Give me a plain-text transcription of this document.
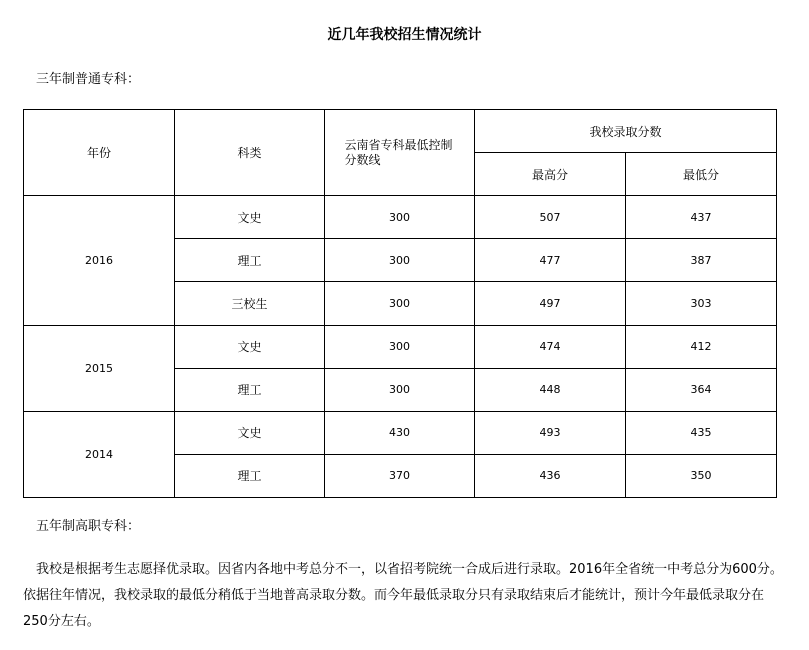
近几年我校招生情况统计
三年制普通专科：
年份	科类	云南省专科最低控制分数线	我校录取分数	
			最高分	最低分
2016	文史	300	507	437
	理工	300	477	387
	三校生	300	497	303
2015	文史	300	474	412
	理工	300	448	364
2014	文史	430	493	435
	理工	370	436	350
五年制高职专科：

我校是根据考生志愿择优录取。因省内各地中考总分不一，以省招考院统一合成后进行录取。2016年全省统一中考总分为600分。依据往年情况，我校录取的最低分稍低于当地普高录取分数。而今年最低录取分只有录取结束后才能统计，预计今年最低录取分在250分左右。
